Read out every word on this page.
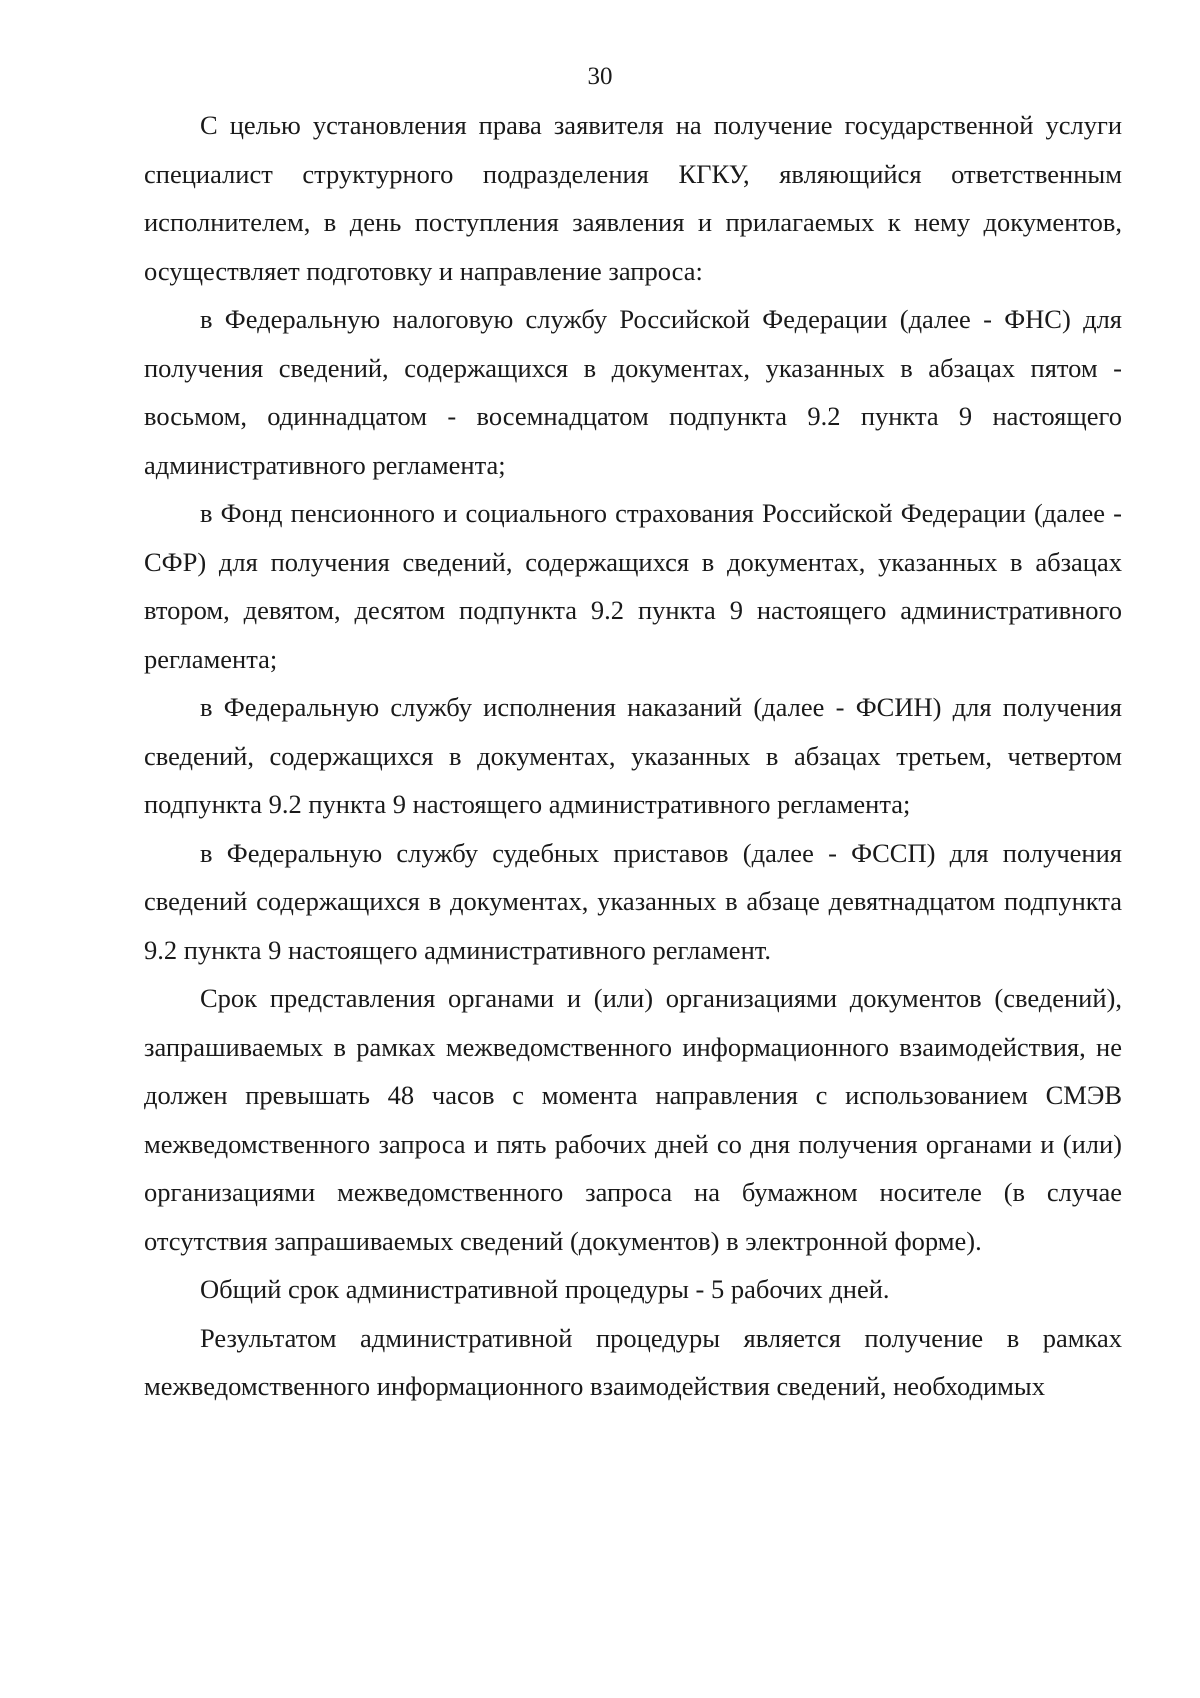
30

С целью установления права заявителя на получение государственной услуги специалист структурного подразделения КГКУ, являющийся ответственным исполнителем, в день поступления заявления и прилагаемых к нему документов, осуществляет подготовку и направление запроса:

в Федеральную налоговую службу Российской Федерации (далее - ФНС) для получения сведений, содержащихся в документах, указанных в абзацах пятом - восьмом, одиннадцатом - восемнадцатом подпункта 9.2 пункта 9 настоящего административного регламента;

в Фонд пенсионного и социального страхования Российской Федерации (далее - СФР) для получения сведений, содержащихся в документах, указанных в абзацах втором, девятом, десятом подпункта 9.2 пункта 9 настоящего административного регламента;

в Федеральную службу исполнения наказаний (далее - ФСИН) для получения сведений, содержащихся в документах, указанных в абзацах третьем, четвертом подпункта 9.2 пункта 9 настоящего административного регламента;

в Федеральную службу судебных приставов (далее - ФССП) для получения сведений содержащихся в документах, указанных в абзаце девятнадцатом подпункта 9.2 пункта 9 настоящего административного регламент.

Срок представления органами и (или) организациями документов (сведений), запрашиваемых в рамках межведомственного информационного взаимодействия, не должен превышать 48 часов с момента направления с использованием СМЭВ межведомственного запроса и пять рабочих дней со дня получения органами и (или) организациями межведомственного запроса на бумажном носителе (в случае отсутствия запрашиваемых сведений (документов) в электронной форме).

Общий срок административной процедуры - 5 рабочих дней.

Результатом административной процедуры является получение в рамках межведомственного информационного взаимодействия сведений, необходимых
